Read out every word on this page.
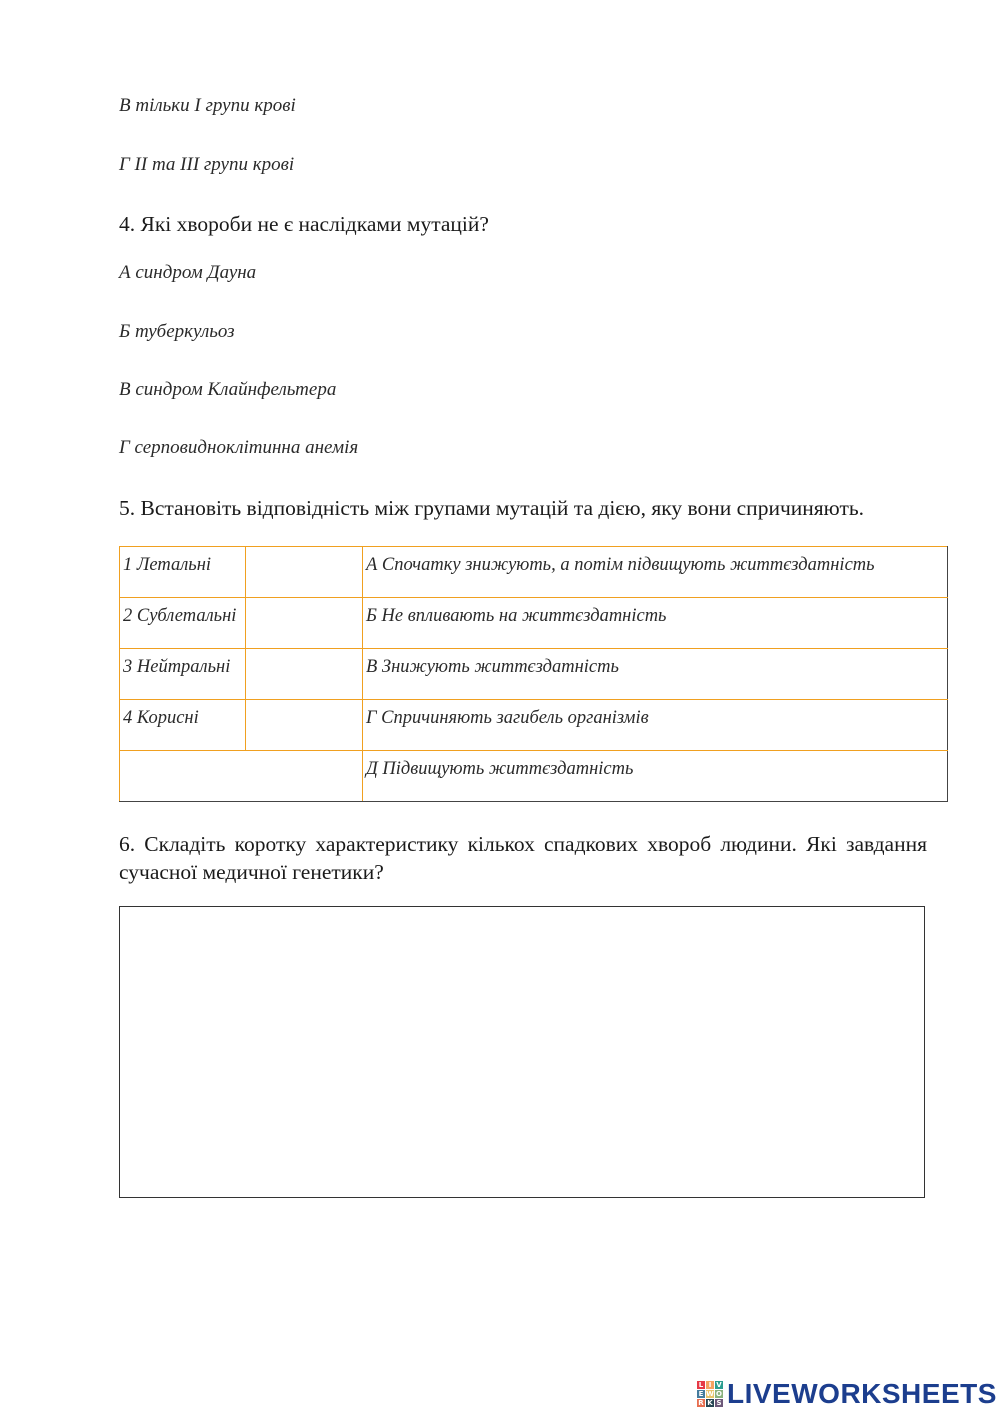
В тільки І групи крові
Г ІІ та ІІІ групи крові
4. Які хвороби не є наслідками мутацій?
А синдром Дауна
Б туберкульоз
В синдром Клайнфельтера
Г серповидноклітинна анемія
5. Встановіть відповідність між групами мутацій та дією, яку вони спричиняють.
1 Летальні		А Спочатку знижують, а потім підвищують життєздатність
2 Сублетальні		Б Не впливають на життєздатність
3 Нейтральні		В Знижують життєздатність
4 Корисні		Г Спричиняють загибель організмів
		Д Підвищують життєздатність
6. Складіть коротку характеристику кількох спадкових хвороб людини. Які завдання сучасної медичної генетики?
L I V
E W O
R K S LIVEWORKSHEETS
